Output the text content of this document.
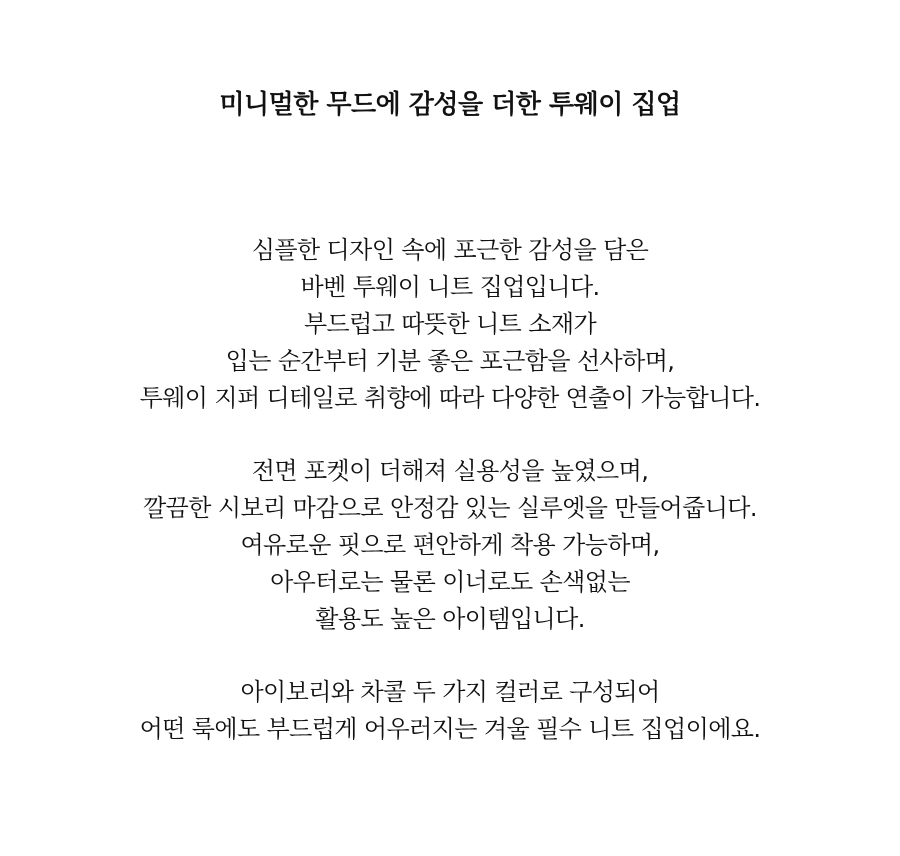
미니멀한 무드에 감성을 더한 투웨이 집업

심플한 디자인 속에 포근한 감성을 담은
바벤 투웨이 니트 집업입니다.
부드럽고 따뜻한 니트 소재가
입는 순간부터 기분 좋은 포근함을 선사하며,
투웨이 지퍼 디테일로 취향에 따라 다양한 연출이 가능합니다.

전면 포켓이 더해져 실용성을 높였으며,
깔끔한 시보리 마감으로 안정감 있는 실루엣을 만들어줍니다.
여유로운 핏으로 편안하게 착용 가능하며,
아우터로는 물론 이너로도 손색없는
활용도 높은 아이템입니다.

아이보리와 차콜 두 가지 컬러로 구성되어
어떤 룩에도 부드럽게 어우러지는 겨울 필수 니트 집업이에요.
